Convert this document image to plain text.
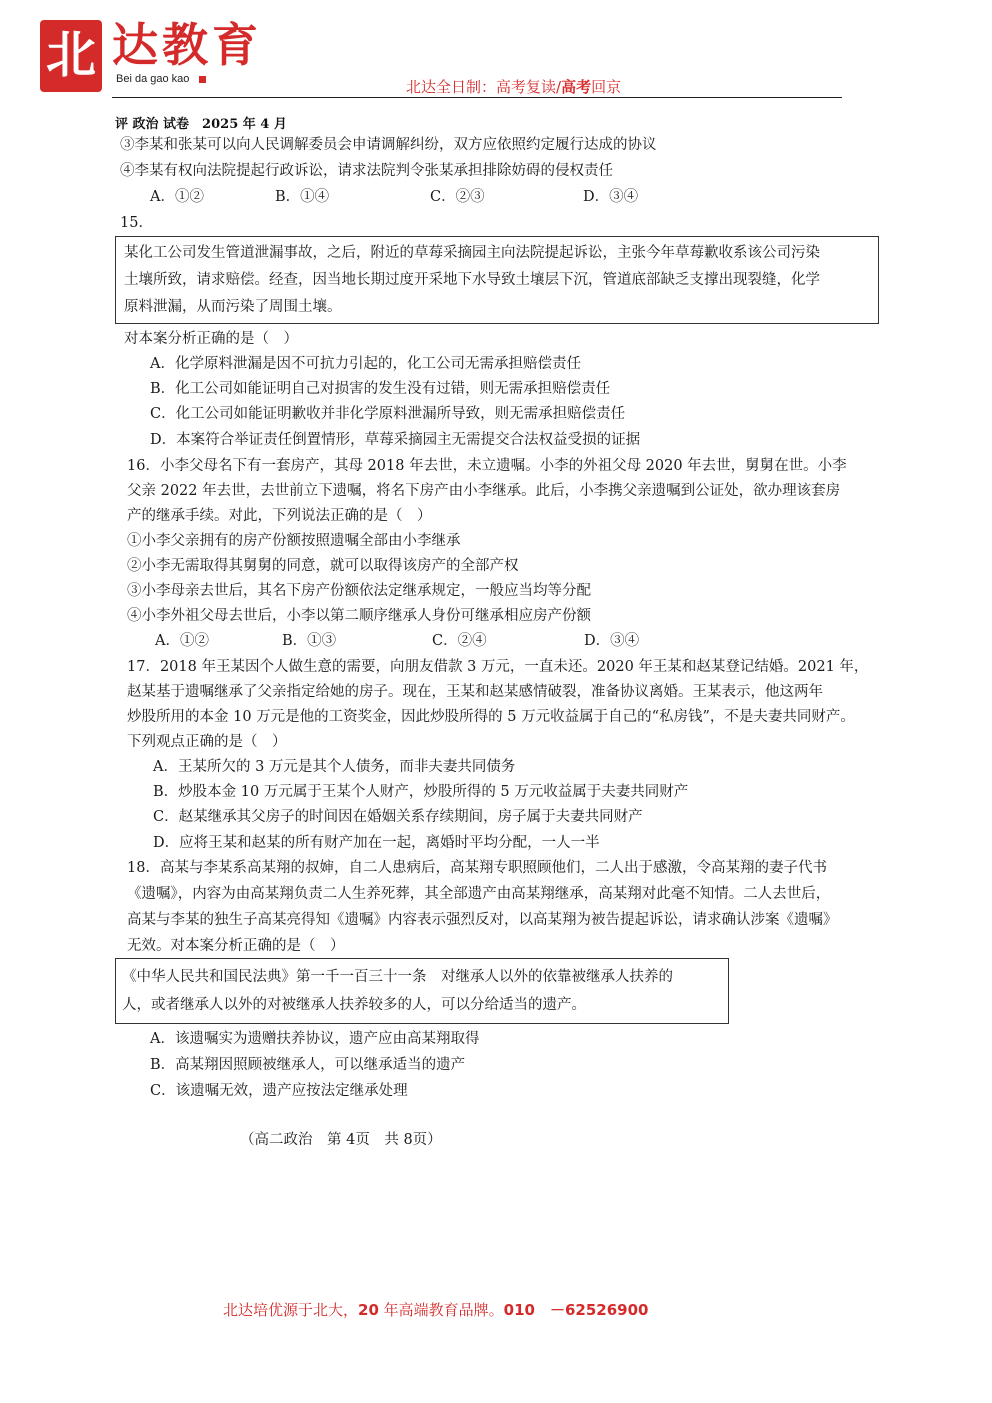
北 达教育
Bei da gao kao	北达全日制：高考复读/高考回京
评 政治 试卷　2025 年 4 月
③李某和张某可以向人民调解委员会申请调解纠纷，双方应依照约定履行达成的协议
④李某有权向法院提起行政诉讼，请求法院判令张某承担排除妨碍的侵权责任
A．①②	B．①④	C．②③	D．③④
15．
某化工公司发生管道泄漏事故，之后，附近的草莓采摘园主向法院提起诉讼，主张今年草莓歉收系该公司污染
土壤所致，请求赔偿。经查，因当地长期过度开采地下水导致土壤层下沉，管道底部缺乏支撑出现裂缝，化学
原料泄漏，从而污染了周围土壤。
对本案分析正确的是（　）
A．化学原料泄漏是因不可抗力引起的，化工公司无需承担赔偿责任
B．化工公司如能证明自己对损害的发生没有过错，则无需承担赔偿责任
C．化工公司如能证明歉收并非化学原料泄漏所导致，则无需承担赔偿责任
D．本案符合举证责任倒置情形，草莓采摘园主无需提交合法权益受损的证据
16．小李父母名下有一套房产，其母 2018 年去世，未立遗嘱。小李的外祖父母 2020 年去世，舅舅在世。小李
父亲 2022 年去世，去世前立下遗嘱，将名下房产由小李继承。此后，小李携父亲遗嘱到公证处，欲办理该套房
产的继承手续。对此，下列说法正确的是（　）
①小李父亲拥有的房产份额按照遗嘱全部由小李继承
②小李无需取得其舅舅的同意，就可以取得该房产的全部产权
③小李母亲去世后，其名下房产份额依法定继承规定，一般应当均等分配
④小李外祖父母去世后，小李以第二顺序继承人身份可继承相应房产份额
A．①②	B．①③	C．②④	D．③④
17．2018 年王某因个人做生意的需要，向朋友借款 3 万元，一直未还。2020 年王某和赵某登记结婚。2021 年，
赵某基于遗嘱继承了父亲指定给她的房子。现在，王某和赵某感情破裂，准备协议离婚。王某表示，他这两年
炒股所用的本金 10 万元是他的工资奖金，因此炒股所得的 5 万元收益属于自己的“私房钱”，不是夫妻共同财产。
下列观点正确的是（　）
A．王某所欠的 3 万元是其个人债务，而非夫妻共同债务
B．炒股本金 10 万元属于王某个人财产，炒股所得的 5 万元收益属于夫妻共同财产
C．赵某继承其父房子的时间因在婚姻关系存续期间，房子属于夫妻共同财产
D．应将王某和赵某的所有财产加在一起，离婚时平均分配，一人一半
18．高某与李某系高某翔的叔婶，自二人患病后，高某翔专职照顾他们，二人出于感激，令高某翔的妻子代书
《遗嘱》，内容为由高某翔负责二人生养死葬，其全部遗产由高某翔继承，高某翔对此毫不知情。二人去世后，
高某与李某的独生子高某亮得知《遗嘱》内容表示强烈反对，以高某翔为被告提起诉讼，请求确认涉案《遗嘱》
无效。对本案分析正确的是（　）
《中华人民共和国民法典》第一千一百三十一条　对继承人以外的依靠被继承人扶养的
人，或者继承人以外的对被继承人扶养较多的人，可以分给适当的遗产。
A．该遗嘱实为遗赠扶养协议，遗产应由高某翔取得
B．高某翔因照顾被继承人，可以继承适当的遗产
C．该遗嘱无效，遗产应按法定继承处理
（高二政治　第 4页　共 8页）
北达培优源于北大，20 年高端教育品牌。010　－62526900
